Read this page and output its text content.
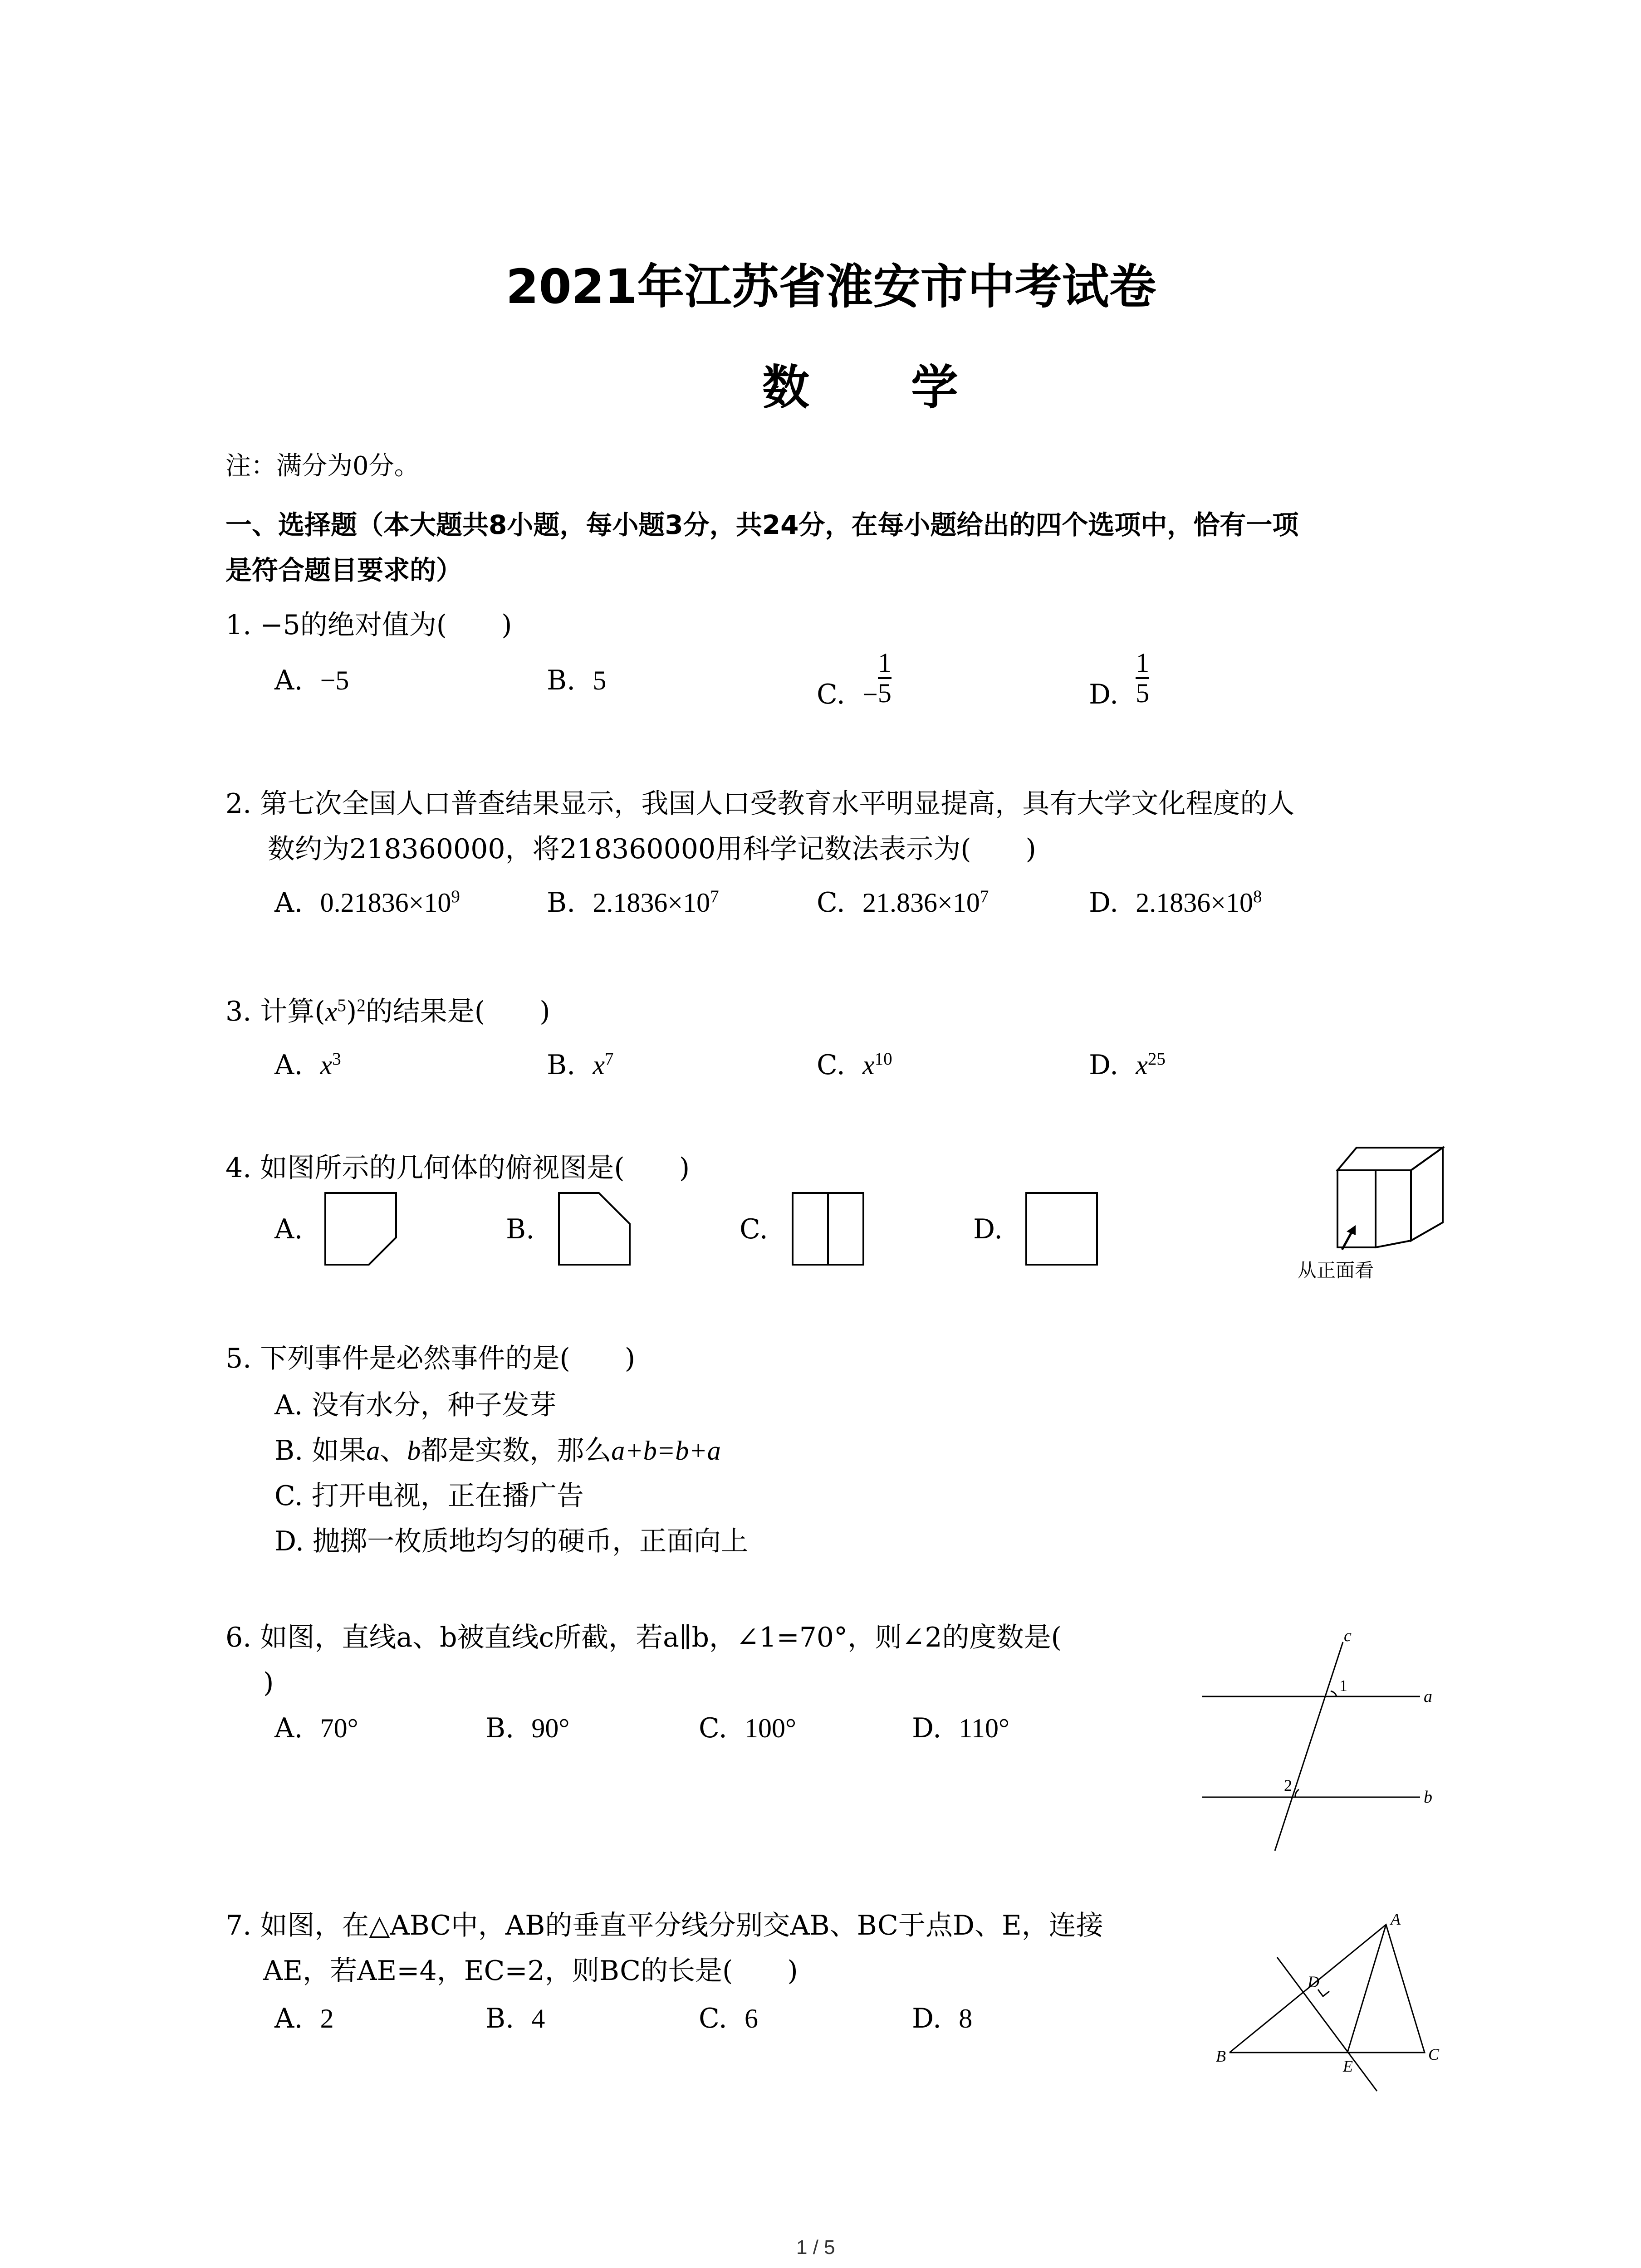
2021年江苏省淮安市中考试卷
数　学
注：满分为0分。
一、选择题（本大题共8小题，每小题3分，共24分，在每小题给出的四个选项中，恰有一项
是符合题目要求的）
1. −5的绝对值为(　　)
A. −5	B. 5	C. − $\frac{1}{5}$	D. $\frac{1}{5}$
2. 第七次全国人口普查结果显示，我国人口受教育水平明显提高，具有大学文化程度的人
数约为218360000，将218360000用科学记数法表示为(　　)
A. $0.21836\times 10^9$	B. $2.1836\times 10^7$	C. $21.836\times 10^7$	D. $2.1836\times 10^8$
3. 计算$(x^5)^2$的结果是(　　)
A. $x^3$	B. $x^7$	C. $x^{10}$	D. $x^{25}$
4. 如图所示的几何体的俯视图是(　　)
A.	B.	C.	D.
从正面看
5. 下列事件是必然事件的是(　　)
A. 没有水分，种子发芽
B. 如果a、b都是实数，那么a+b=b+a
C. 打开电视，正在播广告
D. 抛掷一枚质地均匀的硬币，正面向上
6. 如图，直线a、b被直线c所截，若a∥b，∠1=70°，则∠2的度数是(
)
A. 70°	B. 90°	C. 100°	D. 110°
c
a
b
1
2
7. 如图，在△ABC中，AB的垂直平分线分别交AB、BC于点D、E，连接
AE，若AE=4，EC=2，则BC的长是(　　)
A. 2	B. 4	C. 6	D. 8
A
B	C
D
E
1 / 5
